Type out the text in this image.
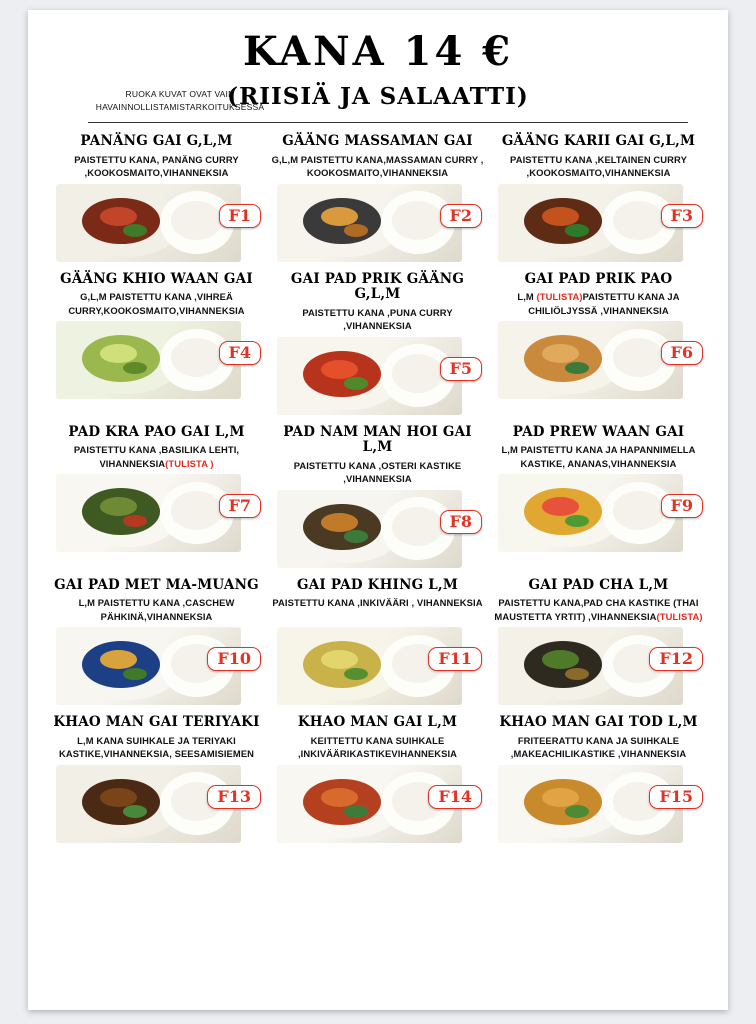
KANA 14 €
(RIISIÄ JA SALAATTI)
RUOKA KUVAT OVAT VAIN HAVAINNOLLISTAMISTARKOITUKSESSA
PANÄNG GAI G,L,M
PAISTETTU KANA, PANÄNG CURRY ,KOOKOSMAITO,VIHANNEKSIA
F1
GÄÄNG MASSAMAN GAI
G,L,M PAISTETTU KANA,MASSAMAN CURRY , KOOKOSMAITO,VIHANNEKSIA
F2
GÄÄNG KARII GAI G,L,M
PAISTETTU KANA ,KELTAINEN CURRY ,KOOKOSMAITO,VIHANNEKSIA
F3
GÄÄNG KHIO WAAN GAI
G,L,M PAISTETTU KANA ,VIHREÄ CURRY,KOOKOSMAITO,VIHANNEKSIA
F4
GAI PAD PRIK GÄÄNG G,L,M
PAISTETTU KANA ,PUNA CURRY ,VIHANNEKSIA
F5
GAI PAD PRIK PAO
L,M (TULISTA)PAISTETTU KANA JA CHILIÖLJYSSÄ ,VIHANNEKSIA
F6
PAD KRA PAO GAI L,M
PAISTETTU KANA ,BASILIKA LEHTI, VIHANNEKSIA(TULISTA )
F7
PAD NAM MAN HOI GAI L,M
PAISTETTU KANA ,OSTERI KASTIKE ,VIHANNEKSIA
F8
PAD PREW WAAN GAI
L,M PAISTETTU KANA JA HAPANNIMELLA KASTIKE, ANANAS,VIHANNEKSIA
F9
GAI PAD MET MA-MUANG
L,M PAISTETTU KANA ,CASCHEW PÄHKINÄ,VIHANNEKSIA
F10
GAI PAD KHING L,M
PAISTETTU KANA ,INKIVÄÄRI , VIHANNEKSIA
F11
GAI PAD CHA L,M
PAISTETTU KANA,PAD CHA KASTIKE (THAI MAUSTETTA YRTIT) ,VIHANNEKSIA(TULISTA)
F12
KHAO MAN GAI TERIYAKI
L,M KANA SUIHKALE JA TERIYAKI KASTIKE,VIHANNEKSIA, SEESAMISIEMEN
F13
KHAO MAN GAI L,M
KEITTETTU KANA SUIHKALE ,INKIVÄÄRIKASTIKEVIHANNEKSIA
F14
KHAO MAN GAI TOD L,M
FRITEERATTU KANA JA SUIHKALE ,MAKEACHILIKASTIKE ,VIHANNEKSIA
F15
